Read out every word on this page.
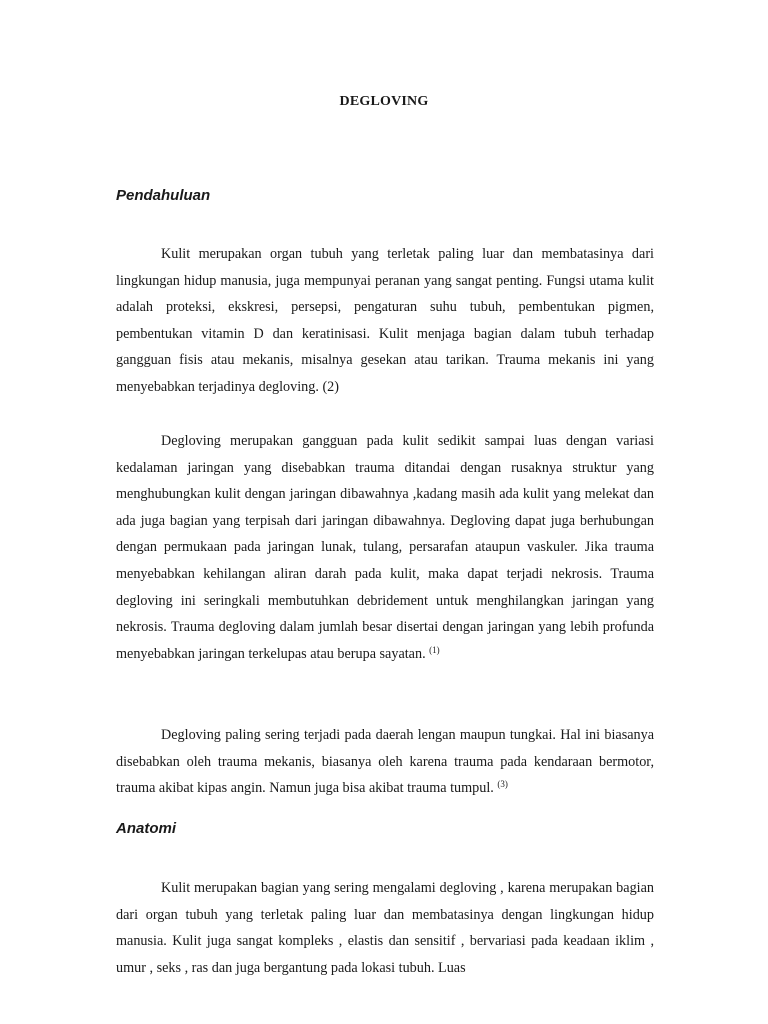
DEGLOVING
Pendahuluan

Kulit merupakan organ tubuh yang terletak paling luar dan membatasinya dari lingkungan hidup manusia, juga mempunyai peranan yang sangat penting. Fungsi utama kulit adalah proteksi, ekskresi, persepsi, pengaturan suhu tubuh, pembentukan pigmen, pembentukan vitamin D dan keratinisasi. Kulit menjaga bagian dalam tubuh terhadap gangguan fisis atau mekanis, misalnya gesekan atau tarikan. Trauma mekanis ini yang menyebabkan terjadinya degloving. (2)

Degloving merupakan gangguan pada kulit sedikit sampai luas dengan variasi kedalaman jaringan yang disebabkan trauma ditandai dengan rusaknya struktur yang menghubungkan kulit dengan jaringan dibawahnya ,kadang masih ada kulit yang melekat dan ada juga bagian yang terpisah dari jaringan dibawahnya. Degloving dapat juga berhubungan dengan permukaan pada jaringan lunak, tulang, persarafan ataupun vaskuler. Jika trauma menyebabkan kehilangan aliran darah pada kulit, maka dapat terjadi nekrosis. Trauma degloving ini seringkali membutuhkan debridement untuk menghilangkan jaringan yang nekrosis. Trauma degloving dalam jumlah besar disertai dengan jaringan yang lebih profunda menyebabkan jaringan terkelupas atau berupa sayatan. $^{(1)}$

Degloving paling sering terjadi pada daerah lengan maupun tungkai. Hal ini biasanya disebabkan oleh trauma mekanis, biasanya oleh karena trauma pada kendaraan bermotor, trauma akibat kipas angin. Namun juga bisa akibat trauma tumpul. $^{(3)}$

Anatomi

Kulit merupakan bagian yang sering mengalami degloving , karena merupakan bagian dari organ tubuh yang terletak paling luar dan membatasinya dengan lingkungan hidup manusia. Kulit juga sangat kompleks , elastis dan sensitif , bervariasi pada keadaan iklim , umur , seks , ras dan juga bergantung pada lokasi tubuh. Luas
